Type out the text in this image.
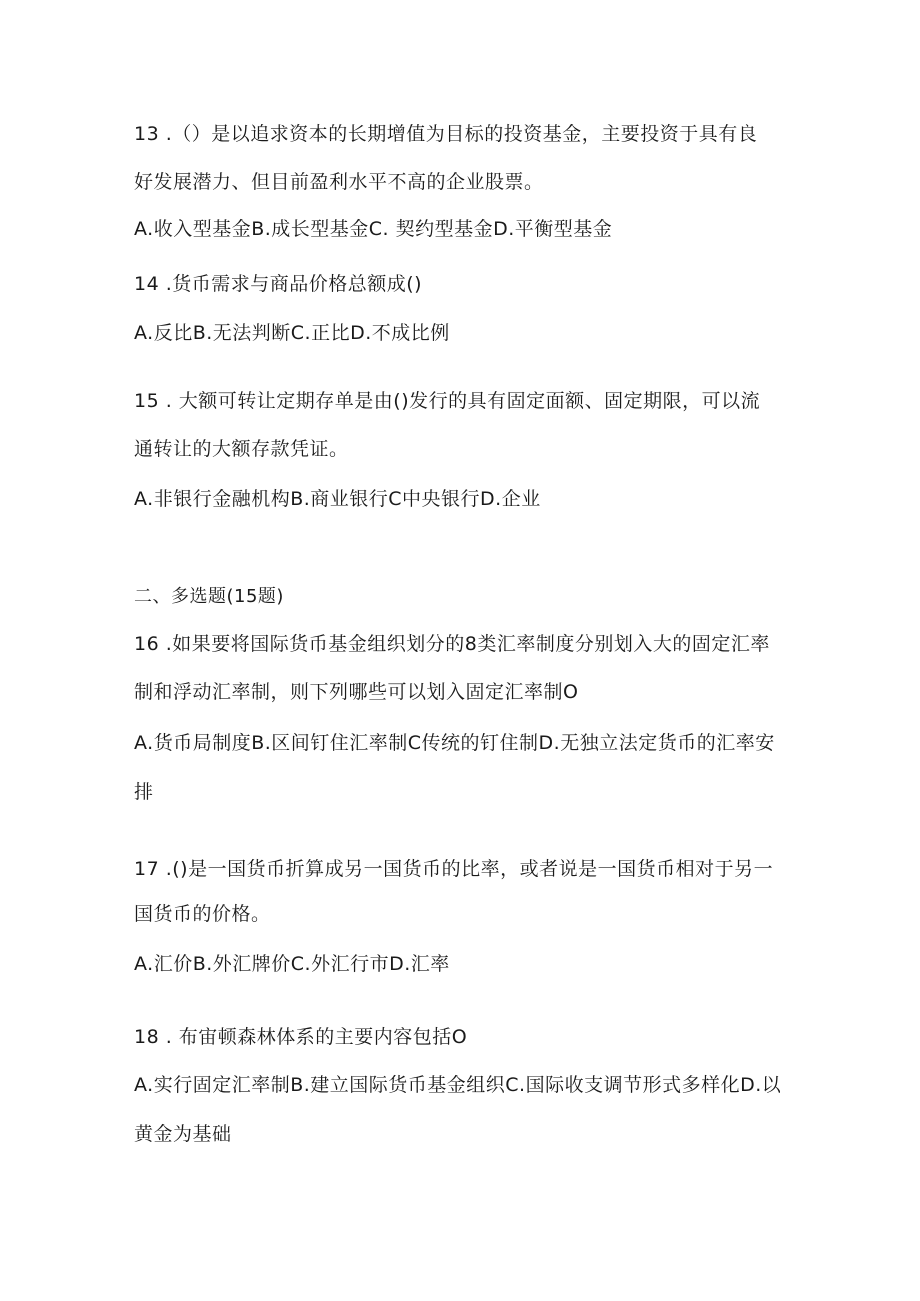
13 .（）是以追求资本的长期增值为目标的投资基金，主要投资于具有良
好发展潜力、但目前盈利水平不高的企业股票。
A.收入型基金B.成长型基金C. 契约型基金D.平衡型基金
14 .货币需求与商品价格总额成()
A.反比B.无法判断C.正比D.不成比例
15 . 大额可转让定期存单是由()发行的具有固定面额、固定期限，可以流
通转让的大额存款凭证。
A.非银行金融机构B.商业银行C中央银行D.企业
二、多选题(15题)
16 .如果要将国际货币基金组织划分的8类汇率制度分别划入大的固定汇率
制和浮动汇率制，则下列哪些可以划入固定汇率制O
A.货币局制度B.区间钉住汇率制C传统的钉住制D.无独立法定货币的汇率安
排
17 .()是一国货币折算成另一国货币的比率，或者说是一国货币相对于另一
国货币的价格。
A.汇价B.外汇牌价C.外汇行市D.汇率
18 . 布宙顿森林体系的主要内容包括O
A.实行固定汇率制B.建立国际货币基金组织C.国际收支调节形式多样化D.以
黄金为基础
